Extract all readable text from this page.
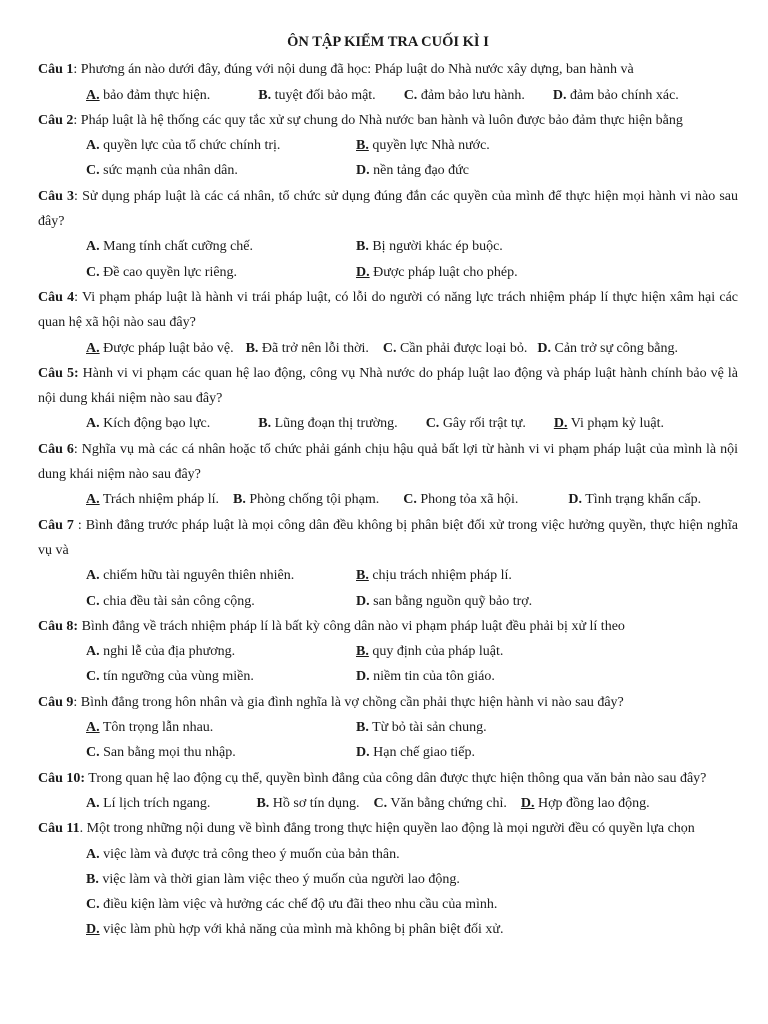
ÔN TẬP KIỂM TRA CUỐI KÌ I
Câu 1: Phương án nào dưới đây, đúng với nội dung đã học: Pháp luật do Nhà nước xây dựng, ban hành và
A. bảo đảm thực hiện.	B. tuyệt đối bảo mật. C. đảm bảo lưu hành. D. đảm bảo chính xác.
Câu 2: Pháp luật là hệ thống các quy tắc xử sự chung do Nhà nước ban hành và luôn được bảo đảm thực hiện bằng
A. quyền lực của tổ chức chính trị.	B. quyền lực Nhà nước.
C. sức mạnh của nhân dân.	D. nền tảng đạo đức
Câu 3: Sử dụng pháp luật là các cá nhân, tổ chức sử dụng đúng đắn các quyền của mình để thực hiện mọi hành vi nào sau đây?
A. Mang tính chất cưỡng chế.	B. Bị người khác ép buộc.
C. Đề cao quyền lực riêng.	D. Được pháp luật cho phép.
Câu 4: Vi phạm pháp luật là hành vi trái pháp luật, có lỗi do người có năng lực trách nhiệm pháp lí thực hiện xâm hại các quan hệ xã hội nào sau đây?
A. Được pháp luật bảo vệ. B. Đã trở nên lỗi thời. C. Cần phải được loại bỏ. D. Cản trở sự công bằng.
Câu 5: Hành vi vi phạm các quan hệ lao động, công vụ Nhà nước do pháp luật lao động và pháp luật hành chính bảo vệ là nội dung khái niệm nào sau đây?
A. Kích động bạo lực.	B. Lũng đoạn thị trường. C. Gây rối trật tự. D. Vi phạm kỷ luật.
Câu 6: Nghĩa vụ mà các cá nhân hoặc tổ chức phải gánh chịu hậu quả bất lợi từ hành vi vi phạm pháp luật của mình là nội dung khái niệm nào sau đây?
A. Trách nhiệm pháp lí. B. Phòng chống tội phạm. C. Phong tỏa xã hội.	D. Tình trạng khẩn cấp.
Câu 7 : Bình đẳng trước pháp luật là mọi công dân đều không bị phân biệt đối xử trong việc hưởng quyền, thực hiện nghĩa vụ và
A. chiếm hữu tài nguyên thiên nhiên.	B. chịu trách nhiệm pháp lí.
C. chia đều tài sản công cộng.	D. san bằng nguồn quỹ bảo trợ.
Câu 8: Bình đẳng về trách nhiệm pháp lí là bất kỳ công dân nào vi phạm pháp luật đều phải bị xử lí theo
A. nghi lễ của địa phương.	B. quy định của pháp luật.
C. tín ngưỡng của vùng miền.	D. niềm tin của tôn giáo.
Câu 9: Bình đẳng trong hôn nhân và gia đình nghĩa là vợ chồng cần phải thực hiện hành vi nào sau đây?
A. Tôn trọng lẫn nhau.	B. Từ bỏ tài sản chung.
C. San bằng mọi thu nhập.	D. Hạn chế giao tiếp.
Câu 10: Trong quan hệ lao động cụ thể, quyền bình đẳng của công dân được thực hiện thông qua văn bản nào sau đây?
A. Lí lịch trích ngang.	B. Hồ sơ tín dụng. C. Văn bằng chứng chỉ. D. Hợp đồng lao động.
Câu 11. Một trong những nội dung về bình đẳng trong thực hiện quyền lao động là mọi người đều có quyền lựa chọn
A. việc làm và được trả công theo ý muốn của bản thân.
B. việc làm và thời gian làm việc theo ý muốn của người lao động.
C. điều kiện làm việc và hưởng các chế độ ưu đãi theo nhu cầu của mình.
D. việc làm phù hợp với khả năng của mình mà không bị phân biệt đối xử.
